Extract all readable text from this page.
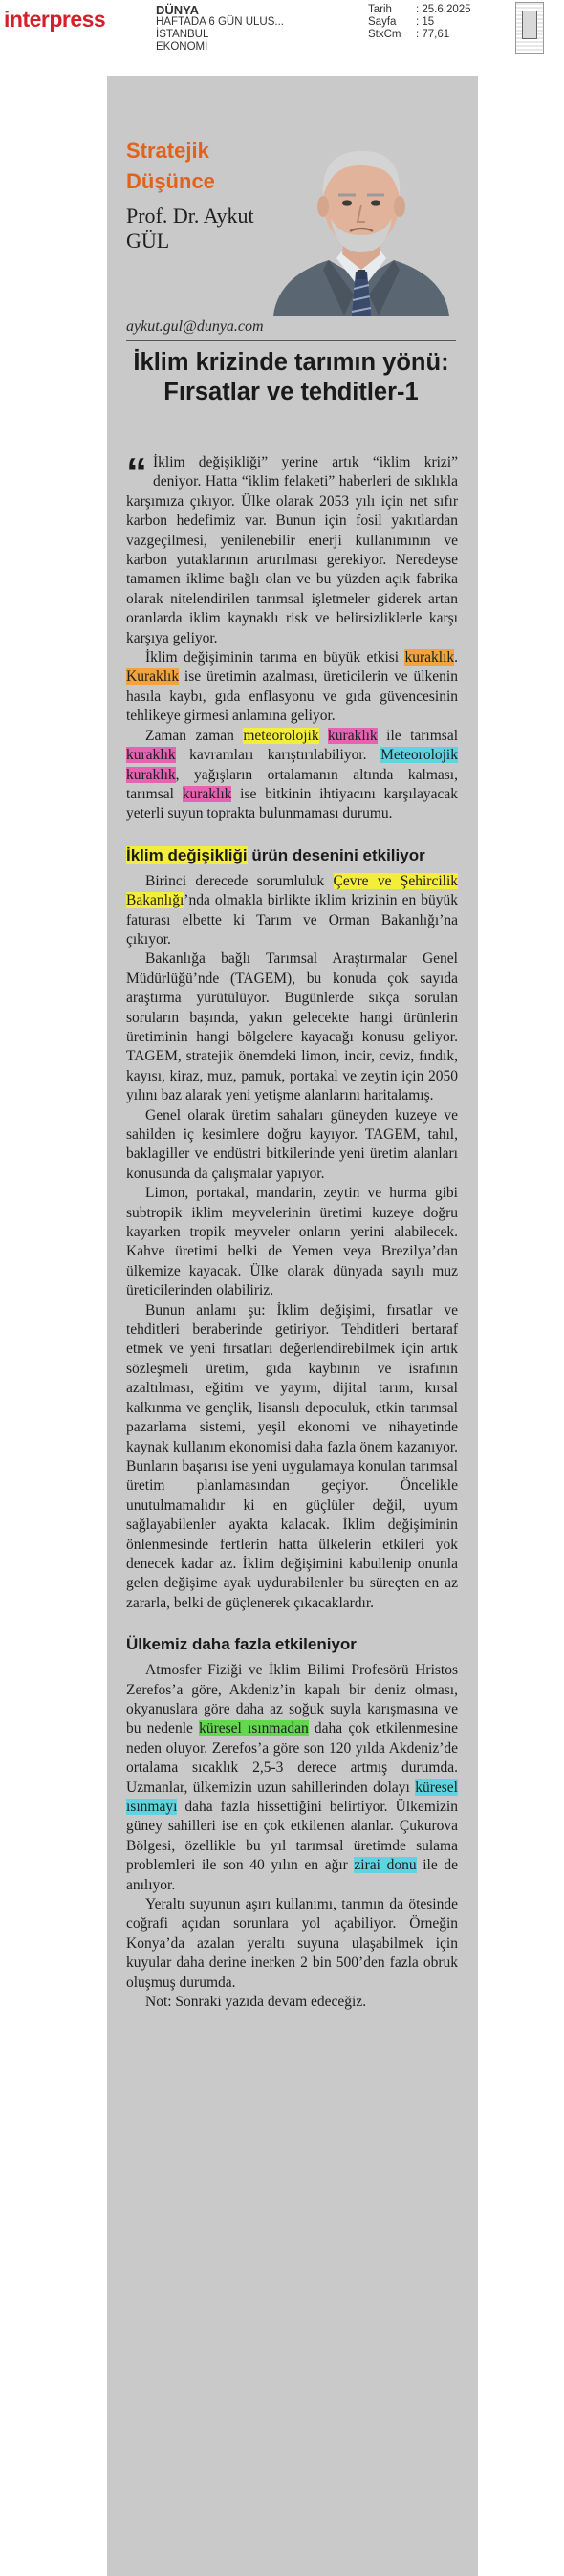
interpress	DÜNYA
HAFTADA 6 GÜN ULUS...
İSTANBUL
EKONOMİ
Tarih	: 25.6.2025
Sayfa	: 15
StxCm	: 77,61
Stratejik
Düşünce
Prof. Dr. Aykut
GÜL
aykut.gul@dunya.com
İklim krizinde tarımın yönü: Fırsatlar ve tehditler-1

“ İklim değişikliği” yerine artık “iklim krizi” deniyor. Hatta “iklim felaketi” haberleri de sıklıkla karşımıza çıkıyor. Ülke olarak 2053 yılı için net sıfır karbon hedefimiz var. Bunun için fosil yakıtlardan vazgeçilmesi, yenilenebilir enerji kullanımının ve karbon yutaklarının artırılması gerekiyor. Neredeyse tamamen iklime bağlı olan ve bu yüzden açık fabrika olarak nitelendirilen tarımsal işletmeler giderek artan oranlarda iklim kaynaklı risk ve belirsizliklerle karşı karşıya geliyor.

İklim değişiminin tarıma en büyük etkisi kuraklık. Kuraklık ise üretimin azalması, üreticilerin ve ülkenin hasıla kaybı, gıda enflasyonu ve gıda güvencesinin tehlikeye girmesi anlamına geliyor.

Zaman zaman meteorolojik kuraklık ile tarımsal kuraklık kavramları karıştırılabiliyor. Meteorolojik kuraklık, yağışların ortalamanın altında kalması, tarımsal kuraklık ise bitkinin ihtiyacını karşılayacak yeterli suyun toprakta bulunmaması durumu.

İklim değişikliği ürün desenini etkiliyor

Birinci derecede sorumluluk Çevre ve Şehircilik Bakanlığı’nda olmakla birlikte iklim krizinin en büyük faturası elbette ki Tarım ve Orman Bakanlığı’na çıkıyor.

Bakanlığa bağlı Tarımsal Araştırmalar Genel Müdürlüğü’nde (TAGEM), bu konuda çok sayıda araştırma yürütülüyor. Bugünlerde sıkça sorulan soruların başında, yakın gelecekte hangi ürünlerin üretiminin hangi bölgelere kayacağı konusu geliyor. TAGEM, stratejik önemdeki limon, incir, ceviz, fındık, kayısı, kiraz, muz, pamuk, portakal ve zeytin için 2050 yılını baz alarak yeni yetişme alanlarını haritalamış.

Genel olarak üretim sahaları güneyden kuzeye ve sahilden iç kesimlere doğru kayıyor. TAGEM, tahıl, baklagiller ve endüstri bitkilerinde yeni üretim alanları konusunda da çalışmalar yapıyor.

Limon, portakal, mandarin, zeytin ve hurma gibi subtropik iklim meyvelerinin üretimi kuzeye doğru kayarken tropik meyveler onların yerini alabilecek. Kahve üretimi belki de Yemen veya Brezilya’dan ülkemize kayacak. Ülke olarak dünyada sayılı muz üreticilerinden olabiliriz.

Bunun anlamı şu: İklim değişimi, fırsatlar ve tehditleri beraberinde getiriyor. Tehditleri bertaraf etmek ve yeni fırsatları değerlendirebilmek için artık sözleşmeli üretim, gıda kaybının ve israfının azaltılması, eğitim ve yayım, dijital tarım, kırsal kalkınma ve gençlik, lisanslı depoculuk, etkin tarımsal pazarlama sistemi, yeşil ekonomi ve nihayetinde kaynak kullanım ekonomisi daha fazla önem kazanıyor. Bunların başarısı ise yeni uygulamaya konulan tarımsal üretim planlamasından geçiyor. Öncelikle unutulmamalıdır ki en güçlüler değil, uyum sağlayabilenler ayakta kalacak. İklim değişiminin önlenmesinde fertlerin hatta ülkelerin etkileri yok denecek kadar az. İklim değişimini kabullenip onunla gelen değişime ayak uydurabilenler bu süreçten en az zararla, belki de güçlenerek çıkacaklardır.

Ülkemiz daha fazla etkileniyor

Atmosfer Fiziği ve İklim Bilimi Profesörü Hristos Zerefos’a göre, Akdeniz’in kapalı bir deniz olması, okyanuslara göre daha az soğuk suyla karışmasına ve bu nedenle küresel ısınmadan daha çok etkilenmesine neden oluyor. Zerefos’a göre son 120 yılda Akdeniz’de ortalama sıcaklık 2,5-3 derece artmış durumda. Uzmanlar, ülkemizin uzun sahillerinden dolayı küresel ısınmayı daha fazla hissettiğini belirtiyor. Ülkemizin güney sahilleri ise en çok etkilenen alanlar. Çukurova Bölgesi, özellikle bu yıl tarımsal üretimde sulama problemleri ile son 40 yılın en ağır zirai donu ile de anılıyor.

Yeraltı suyunun aşırı kullanımı, tarımın da ötesinde coğrafi açıdan sorunlara yol açabiliyor. Örneğin Konya’da azalan yeraltı suyuna ulaşabilmek için kuyular daha derine inerken 2 bin 500’den fazla obruk oluşmuş durumda.

Not: Sonraki yazıda devam edeceğiz.
